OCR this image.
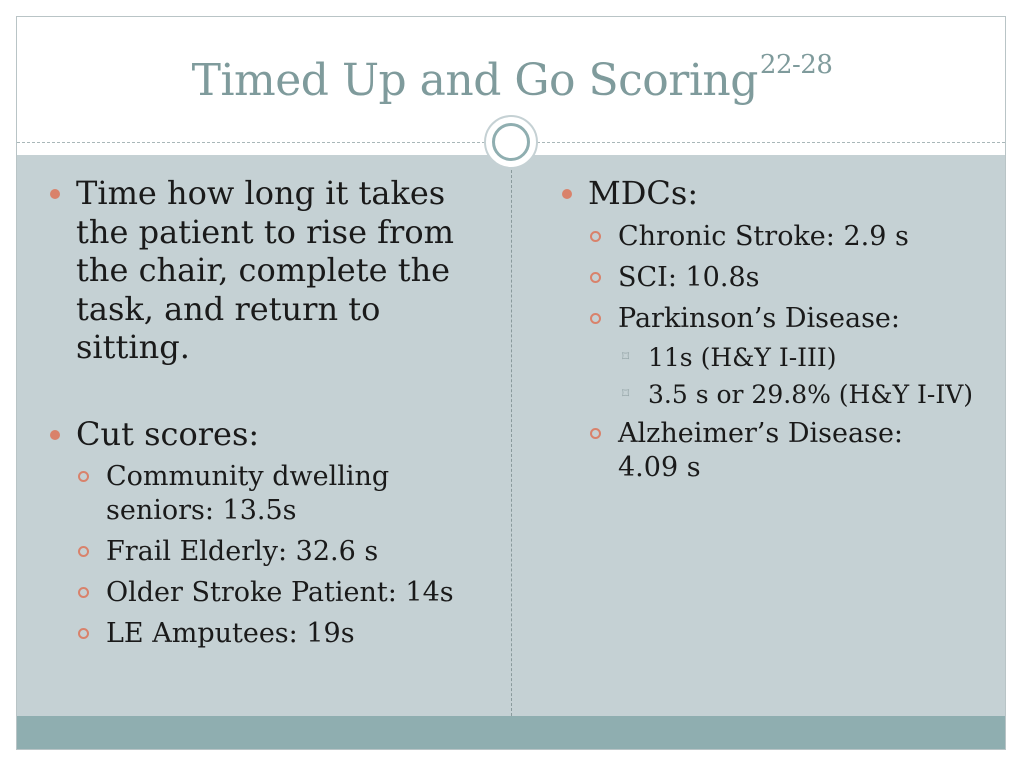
Timed Up and Go Scoring$^{22-28}$
Time how long it takes the patient to rise from the chair, complete the task, and return to sitting.
Cut scores:
Community dwelling seniors: 13.5s
Frail Elderly: 32.6 s
Older Stroke Patient: 14s
LE Amputees: 19s
MDCs:
Chronic Stroke: 2.9 s
SCI: 10.8s
Parkinson’s Disease:
⌑ 11s (H&Y I-III)
⌑ 3.5 s or 29.8% (H&Y I-IV)
Alzheimer’s Disease: 4.09 s
